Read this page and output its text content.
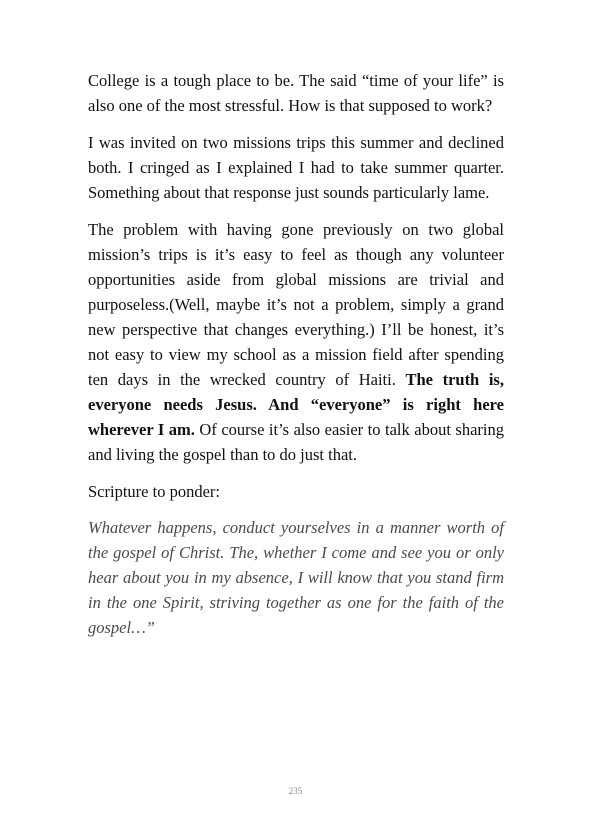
College is a tough place to be. The said “time of your life” is also one of the most stressful. How is that supposed to work?

I was invited on two missions trips this summer and declined both. I cringed as I explained I had to take summer quarter. Something about that response just sounds particularly lame.

The problem with having gone previously on two global mission’s trips is it’s easy to feel as though any volunteer opportunities aside from global missions are trivial and purposeless.(Well, maybe it’s not a problem, simply a grand new perspective that changes everything.) I’ll be honest, it’s not easy to view my school as a mission field after spending ten days in the wrecked country of Haiti. The truth is, everyone needs Jesus. And “everyone” is right here wherever I am. Of course it’s also easier to talk about sharing and living the gospel than to do just that.

Scripture to ponder:

Whatever happens, conduct yourselves in a manner worth of the gospel of Christ. The, whether I come and see you or only hear about you in my absence, I will know that you stand firm in the one Spirit, striving together as one for the faith of the gospel…”

235
